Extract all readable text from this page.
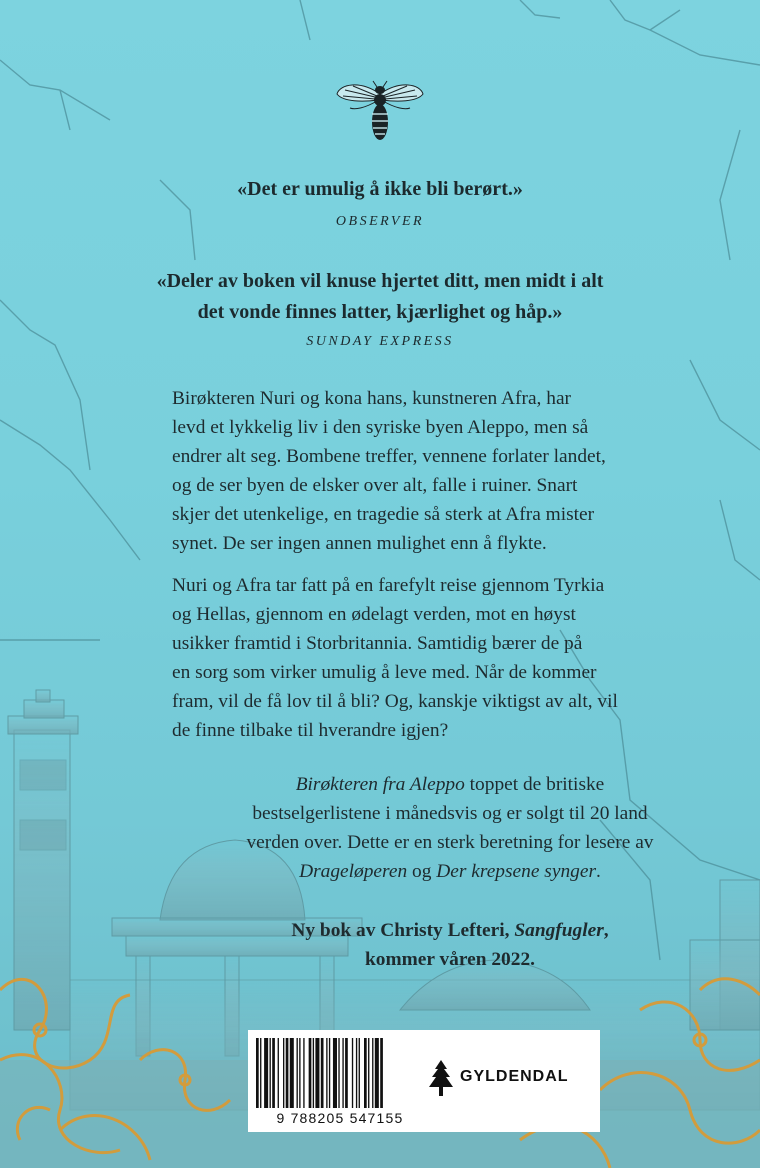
«Det er umulig å ikke bli berørt.»
OBSERVER
«Deler av boken vil knuse hjertet ditt, men midt i alt
det vonde finnes latter, kjærlighet og håp.»
SUNDAY EXPRESS
Birøkteren Nuri og kona hans, kunstneren Afra, har
levd et lykkelig liv i den syriske byen Aleppo, men så
endrer alt seg. Bombene treffer, vennene forlater landet,
og de ser byen de elsker over alt, falle i ruiner. Snart
skjer det utenkelige, en tragedie så sterk at Afra mister
synet. De ser ingen annen mulighet enn å flykte.
Nuri og Afra tar fatt på en farefylt reise gjennom Tyrkia
og Hellas, gjennom en ødelagt verden, mot en høyst
usikker framtid i Storbritannia. Samtidig bærer de på
en sorg som virker umulig å leve med. Når de kommer
fram, vil de få lov til å bli? Og, kanskje viktigst av alt, vil
de finne tilbake til hverandre igjen?
Birøkteren fra Aleppo toppet de britiske
bestselgerlistene i månedsvis og er solgt til 20 land
verden over. Dette er en sterk beretning for lesere av
Drageløperen og Der krepsene synger.
Ny bok av Christy Lefteri, Sangfugler,
kommer våren 2022.
9 788205 547155
GYLDENDAL
